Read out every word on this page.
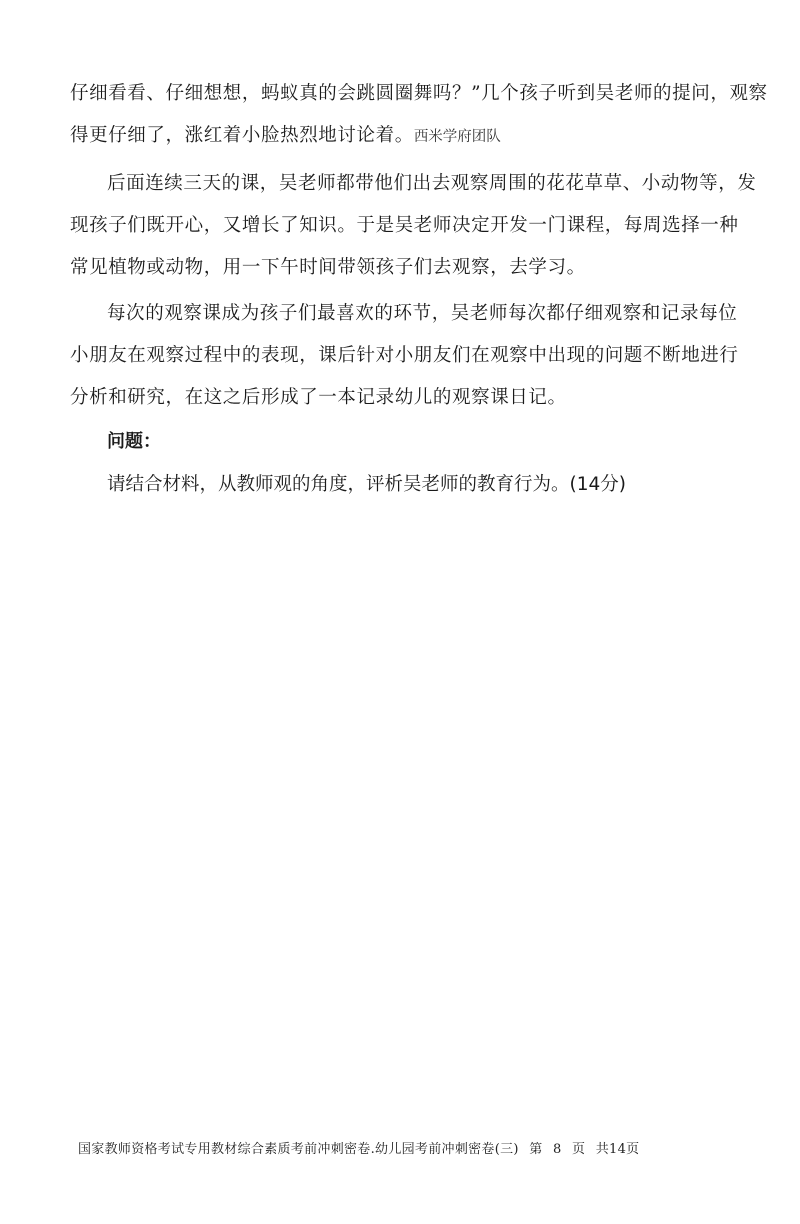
仔细看看、仔细想想，蚂蚁真的会跳圆圈舞吗？”几个孩子听到吴老师的提问，观察
得更仔细了，涨红着小脸热烈地讨论着。西米学府团队
后面连续三天的课，吴老师都带他们出去观察周围的花花草草、小动物等，发
现孩子们既开心，又增长了知识。于是吴老师决定开发一门课程，每周选择一种
常见植物或动物，用一下午时间带领孩子们去观察，去学习。
每次的观察课成为孩子们最喜欢的环节，吴老师每次都仔细观察和记录每位
小朋友在观察过程中的表现，课后针对小朋友们在观察中出现的问题不断地进行
分析和研究，在这之后形成了一本记录幼儿的观察课日记。
问题：
请结合材料，从教师观的角度，评析吴老师的教育行为。(14分)
国家教师资格考试专用教材综合素质考前冲刺密卷.幼儿园考前冲刺密卷(三) 第 8 页 共14页
